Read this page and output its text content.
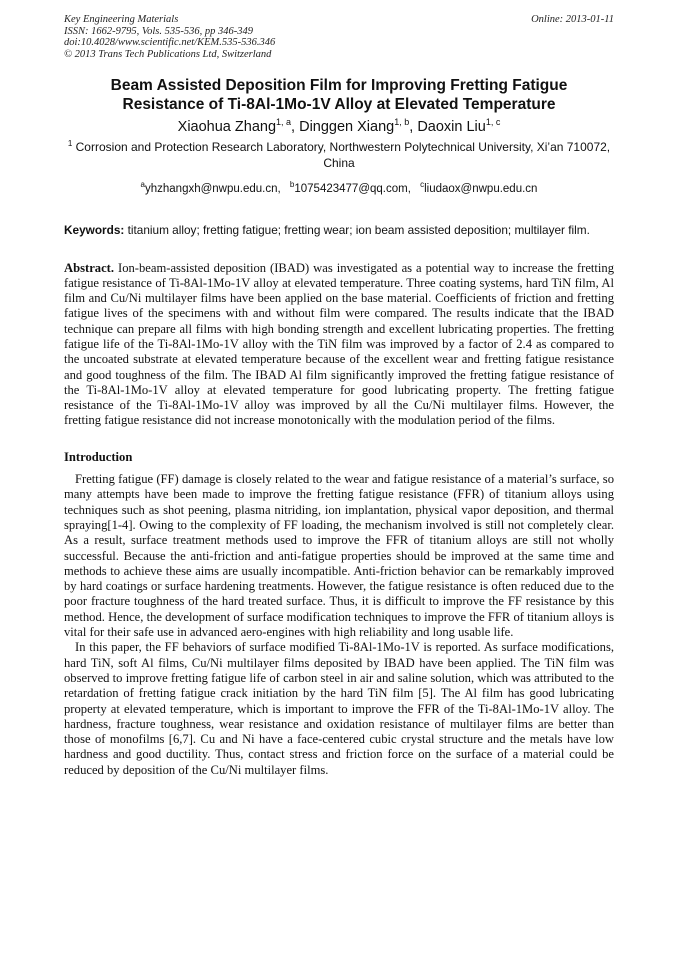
Key Engineering Materials
ISSN: 1662-9795, Vols. 535-536, pp 346-349
doi:10.4028/www.scientific.net/KEM.535-536.346
© 2013 Trans Tech Publications Ltd, Switzerland
Online: 2013-01-11
Beam Assisted Deposition Film for Improving Fretting Fatigue
Resistance of Ti-8Al-1Mo-1V Alloy at Elevated Temperature
Xiaohua Zhang$^{1, a}$, Dinggen Xiang$^{1, b}$, Daoxin Liu$^{1, c}$
$^1$ Corrosion and Protection Research Laboratory, Northwestern Polytechnical University, Xi’an 710072, China
$^a$yhzhangxh@nwpu.edu.cn, $^b$1075423477@qq.com, $^c$liudaox@nwpu.edu.cn
Keywords: titanium alloy; fretting fatigue; fretting wear; ion beam assisted deposition; multilayer film.
Abstract. Ion-beam-assisted deposition (IBAD) was investigated as a potential way to increase the fretting fatigue resistance of Ti-8Al-1Mo-1V alloy at elevated temperature. Three coating systems, hard TiN film, Al film and Cu/Ni multilayer films have been applied on the base material. Coefficients of friction and fretting fatigue lives of the specimens with and without film were compared. The results indicate that the IBAD technique can prepare all films with high bonding strength and excellent lubricating properties. The fretting fatigue life of the Ti-8Al-1Mo-1V alloy with the TiN film was improved by a factor of 2.4 as compared to the uncoated substrate at elevated temperature because of the excellent wear and fretting fatigue resistance and good toughness of the film. The IBAD Al film significantly improved the fretting fatigue resistance of the Ti-8Al-1Mo-1V alloy at elevated temperature for good lubricating property. The fretting fatigue resistance of the Ti-8Al-1Mo-1V alloy was improved by all the Cu/Ni multilayer films. However, the fretting fatigue resistance did not increase monotonically with the modulation period of the films.
Introduction
Fretting fatigue (FF) damage is closely related to the wear and fatigue resistance of a material’s surface, so many attempts have been made to improve the fretting fatigue resistance (FFR) of titanium alloys using techniques such as shot peening, plasma nitriding, ion implantation, physical vapor deposition, and thermal spraying[1-4]. Owing to the complexity of FF loading, the mechanism involved is still not completely clear. As a result, surface treatment methods used to improve the FFR of titanium alloys are still not wholly successful. Because the anti-friction and anti-fatigue properties should be improved at the same time and methods to achieve these aims are usually incompatible. Anti-friction behavior can be remarkably improved by hard coatings or surface hardening treatments. However, the fatigue resistance is often reduced due to the poor fracture toughness of the hard treated surface. Thus, it is difficult to improve the FF resistance by this method. Hence, the development of surface modification techniques to improve the FFR of titanium alloys is vital for their safe use in advanced aero-engines with high reliability and long usable life.
In this paper, the FF behaviors of surface modified Ti-8Al-1Mo-1V is reported. As surface modifications, hard TiN, soft Al films, Cu/Ni multilayer films deposited by IBAD have been applied. The TiN film was observed to improve fretting fatigue life of carbon steel in air and saline solution, which was attributed to the retardation of fretting fatigue crack initiation by the hard TiN film [5]. The Al film has good lubricating property at elevated temperature, which is important to improve the FFR of the Ti-8Al-1Mo-1V alloy. The hardness, fracture toughness, wear resistance and oxidation resistance of multilayer films are better than those of monofilms [6,7]. Cu and Ni have a face-centered cubic crystal structure and the metals have low hardness and good ductility. Thus, contact stress and friction force on the surface of a material could be reduced by deposition of the Cu/Ni multilayer films.
